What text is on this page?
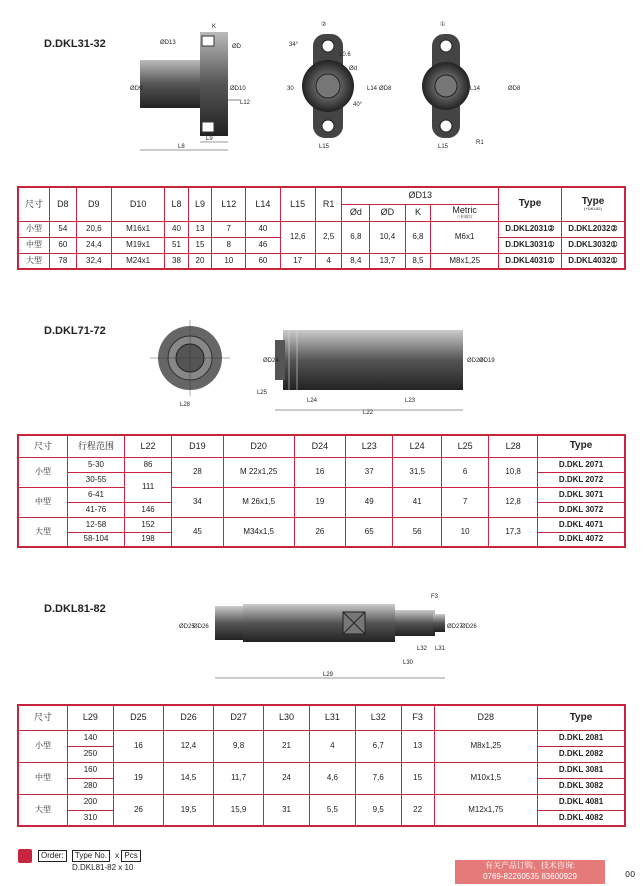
D.DKL31-32	ØD13
K
ØD
ØD9	ØD10
L12
L9
L8
②
34°
10.6
30
Ød
40°
L14 ØD8
L15
①
L14	ØD8
L15
R1
尺寸	D8	D9	D10	L8	L9	L12	L14	L15	R1	ØD13				Type	Type
(+DKL82)

										Ød	ØD	K	Metric
公制螺纹		

小型	54	20,6	M16x1	40	13	7	40	12,6	2,5	6,8	10,4	6,8	M6x1	D.DKL2031②	D.DKL2032②
中型	60	24,4	M19x1	51	15	8	46							D.DKL3031①	D.DKL3032①
大型	78	32,4	M24x1	38	20	10	60	17	4	8,4	13,7	8,5	M8x1,25	D.DKL4031①	D.DKL4032①
D.DKL71-72
L28
ØD24
L25
L24	L23
L22
ØD20
ØD19
尺寸	行程范围	L22	D19	D20	D24	L23	L24	L25	L28	Type
小型	5-30	86	28	M 22x1,25	16	37	31,5	6	10,8	D.DKL 2071
	30-55	111								D.DKL 2072
中型	6-41		34	M 26x1,5	19	49	41	7	12,8	D.DKL 3071
	41-76	146								D.DKL 3072
大型	12-58	152	45	M34x1,5	26	65	56	10	17,3	D.DKL 4071
	58-104	198								D.DKL 4072
D.DKL81-82
ØD25
ØD26
F3
ØD27
ØD26
L32 L31
L30
L29
尺寸	L29	D25	D26	D27	L30	L31	L32	F3	D28	Type
小型	140	16	12,4	9,8	21	4	6,7	13	M8x1,25	D.DKL 2081
	250									D.DKL 2082
中型	160	19	14,5	11,7	24	4,6	7,6	15	M10x1,5	D.DKL 3081
	280									D.DKL 3082
大型	200	26	19,5	15,9	31	5,5	9,5	22	M12x1,75	D.DKL 4081
	310									D.DKL 4082
Order: Type No. x Pcs
D.DKL81-82 x 10	有关产品订购、技术咨询:
0769-82260535 83600929	00
